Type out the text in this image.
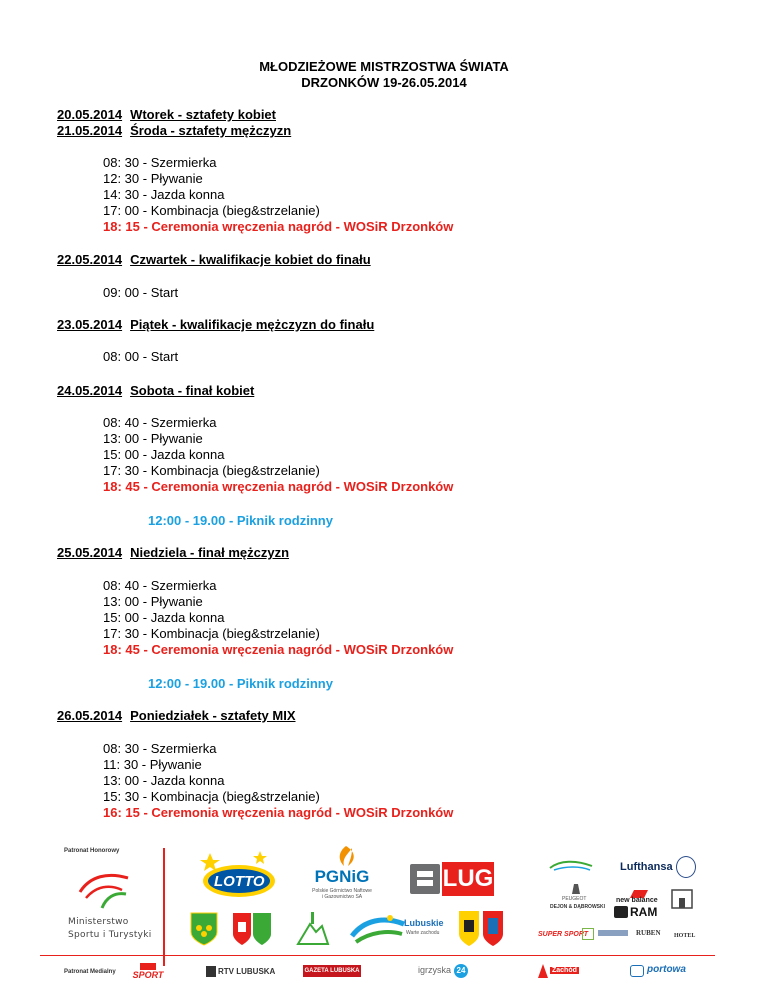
MŁODZIEŻOWE MISTRZOSTWA ŚWIATA
DRZONKÓW 19-26.05.2014
20.05.2014 Wtorek - sztafety kobiet
21.05.2014 Środa - sztafety mężczyzn
08: 30 - Szermierka
12: 30 - Pływanie
14: 30 - Jazda konna
17: 00 - Kombinacja (bieg&strzelanie)
18: 15 - Ceremonia wręczenia nagród - WOSiR Drzonków
22.05.2014 Czwartek - kwalifikacje kobiet do finału
09: 00 - Start
23.05.2014 Piątek - kwalifikacje mężczyzn do finału
08: 00 - Start
24.05.2014 Sobota - finał kobiet
08: 40 - Szermierka
13: 00 - Pływanie
15: 00 - Jazda konna
17: 30 - Kombinacja (bieg&strzelanie)
18: 45 - Ceremonia wręczenia nagród - WOSiR Drzonków
12:00 - 19.00 - Piknik rodzinny
25.05.2014 Niedziela - finał mężczyzn
08: 40 - Szermierka
13: 00 - Pływanie
15: 00 - Jazda konna
17: 30 - Kombinacja (bieg&strzelanie)
18: 45 - Ceremonia wręczenia nagród - WOSiR Drzonków
12:00 - 19.00 - Piknik rodzinny
26.05.2014 Poniedziałek - sztafety MIX
08: 30 - Szermierka
11: 30 - Pływanie
13: 00 - Jazda konna
15: 30 - Kombinacja (bieg&strzelanie)
16: 15 - Ceremonia wręczenia nagród - WOSiR Drzonków
Patronat Honorowy
Ministerstwo
Sportu i Turystyki
LOTTO	PGNiG
Polskie Górnictwo Naftowe i Gazownictwo SA
LUG	Lufthansa
PEUGEOT
DEJON & DĄBROWSKI
new balance
RAM
SUPER SPORT	RUBEN HOTEL
Lubuskie
Warte zachodu
Patronat Medialny	SPORT	RTV LUBUSKA	GAZETA LUBUSKA	igrzyska 24	Zachód	portowa
